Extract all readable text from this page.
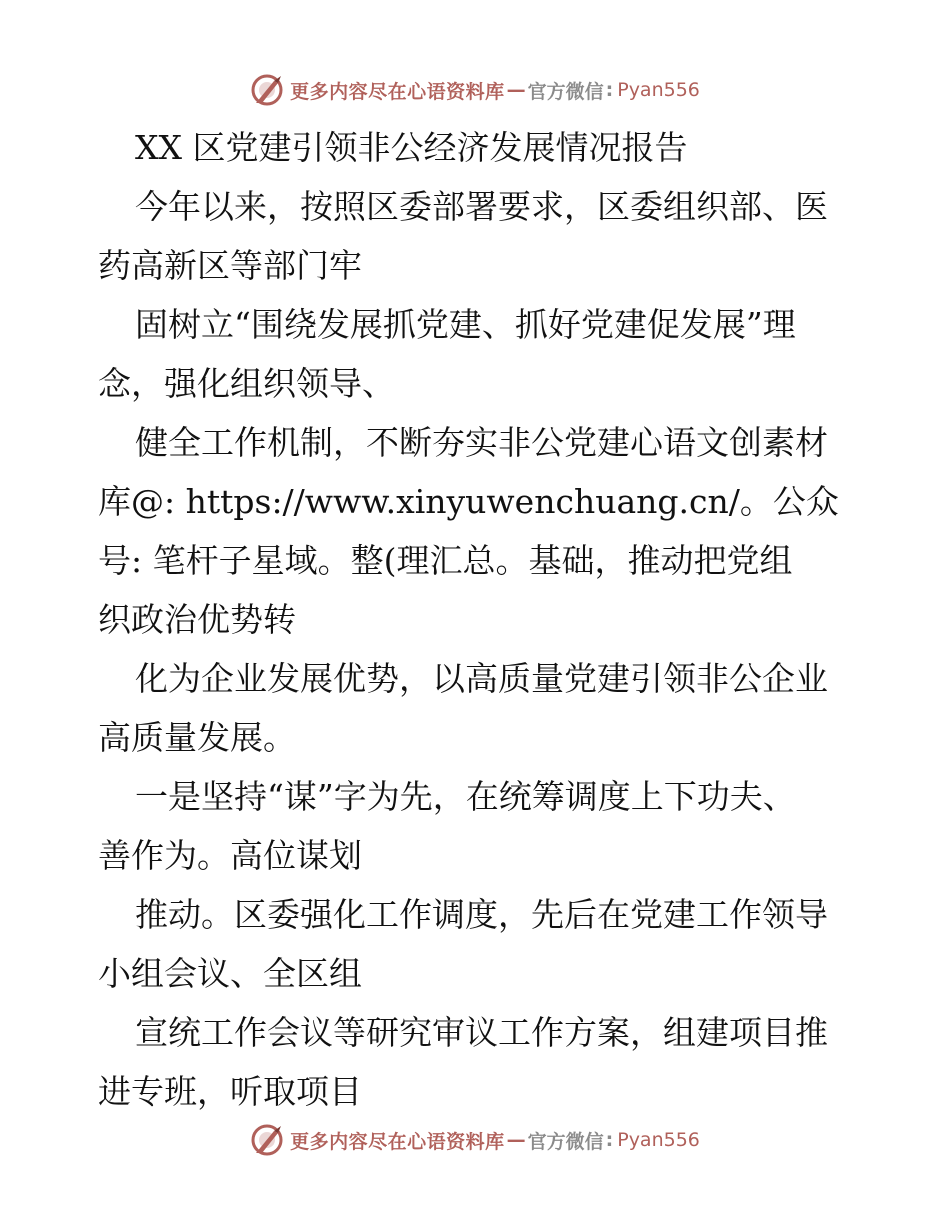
更多内容尽在心语资料库 — 官方微信 : Pyan556
XX 区党建引领非公经济发展情况报告
今年以来，按照区委部署要求，区委组织部、医
药高新区等部门牢
固树立“围绕发展抓党建、抓好党建促发展”理
念，强化组织领导、
健全工作机制，不断夯实非公党建心语文创素材
库@: https://www.xinyuwenchuang.cn/。公众
号: 笔杆子星域。整(理汇总。基础，推动把党组
织政治优势转
化为企业发展优势，以高质量党建引领非公企业
高质量发展。
一是坚持“谋”字为先，在统筹调度上下功夫、
善作为。高位谋划
推动。区委强化工作调度，先后在党建工作领导
小组会议、全区组
宣统工作会议等研究审议工作方案，组建项目推
进专班，听取项目
更多内容尽在心语资料库 — 官方微信 : Pyan556
